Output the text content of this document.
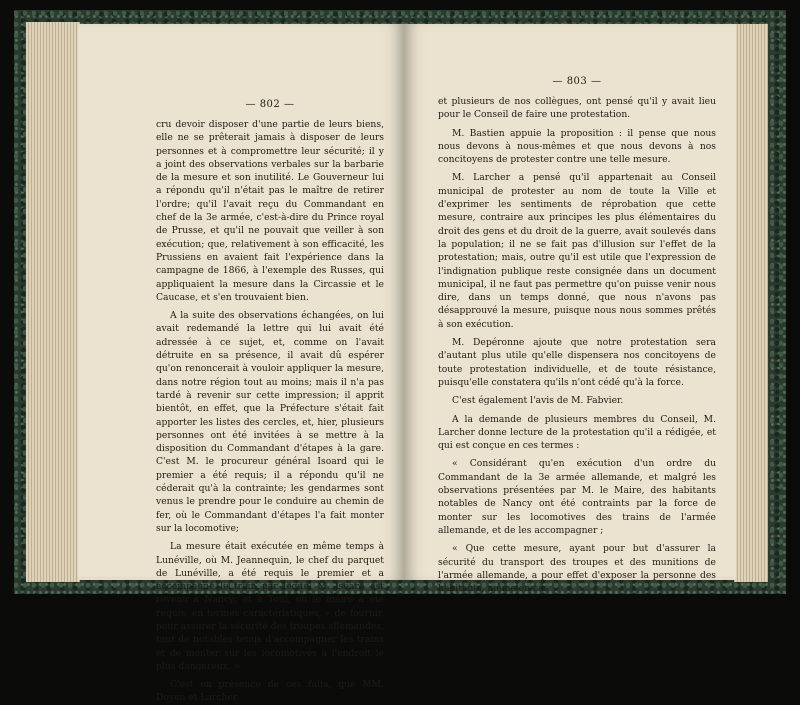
— 802 —

cru devoir disposer d'une partie de leurs biens, elle ne se prêterait jamais à disposer de leurs personnes et à compromettre leur sécurité; il y a joint des observations verbales sur la barbarie de la mesure et son inutilité. Le Gouverneur lui a répondu qu'il n'était pas le maître de retirer l'ordre; qu'il l'avait reçu du Commandant en chef de la 3e armée, c'est-à-dire du Prince royal de Prusse, et qu'il ne pouvait que veiller à son exécution; que, relativement à son efficacité, les Prussiens en avaient fait l'expérience dans la campagne de 1866, à l'exemple des Russes, qui appliquaient la mesure dans la Circassie et le Caucase, et s'en trouvaient bien.

A la suite des observations échangées, on lui avait redemandé la lettre qui lui avait été adressée à ce sujet, et, comme on l'avait détruite en sa présence, il avait dû espérer qu'on renoncerait à vouloir appliquer la mesure, dans notre région tout au moins; mais il n'a pas tardé à revenir sur cette impression; il apprit bientôt, en effet, que la Préfecture s'était fait apporter les listes des cercles, et, hier, plusieurs personnes ont été invitées à se mettre à la disposition du Commandant d'étapes à la gare. C'est M. le procureur général Isoard qui le premier a été requis; il a répondu qu'il ne céderait qu'à la contrainte; les gendarmes sont venus le prendre pour le conduire au chemin de fer, où le Commandant d'étapes l'a fait monter sur la locomotive;

La mesure était exécutée en même temps à Lunéville, où M. Jeannequin, le chef du parquet de Lunéville, a été requis le premier et a accompagné le train par lequel M. Isoard est revenu à Nancy; et à Toul, où le maire a été requis, en termes caractéristiques, « de fournir, pour assurer la sécurité des troupes allemandes, tant de notables tenus d'accompagner les trains et de monter sur les locomotives à l'endroit le plus dangereux. »

C'est en présence de ces faits, que MM. Doyen et Larcher

— 803 —

et plusieurs de nos collègues, ont pensé qu'il y avait lieu pour le Conseil de faire une protestation.

M. Bastien appuie la proposition : il pense que nous nous devons à nous-mêmes et que nous devons à nos concitoyens de protester contre une telle mesure.

M. Larcher a pensé qu'il appartenait au Conseil municipal de protester au nom de toute la Ville et d'exprimer les sentiments de réprobation que cette mesure, contraire aux principes les plus élémentaires du droit des gens et du droit de la guerre, avait soulevés dans la population; il ne se fait pas d'illusion sur l'effet de la protestation; mais, outre qu'il est utile que l'expression de l'indignation publique reste consignée dans un document municipal, il ne faut pas permettre qu'on puisse venir nous dire, dans un temps donné, que nous n'avons pas désapprouvé la mesure, puisque nous nous sommes prêtés à son exécution.

M. Depéronne ajoute que notre protestation sera d'autant plus utile qu'elle dispensera nos concitoyens de toute protestation individuelle, et de toute résistance, puisqu'elle constatera qu'ils n'ont cédé qu'à la force.

C'est également l'avis de M. Fabvier.

A la demande de plusieurs membres du Conseil, M. Larcher donne lecture de la protestation qu'il a rédigée, et qui est conçue en ces termes :

« Considérant qu'en exécution d'un ordre du Commandant de la 3e armée allemande, et malgré les observations présentées par M. le Maire, des habitants notables de Nancy ont été contraints par la force de monter sur les locomotives des trains de l'armée allemande, et de les accompagner ;

« Que cette mesure, ayant pour but d'assurer la sécurité du transport des troupes et des munitions de l'armée allemande, a pour effet d'exposer la personne des habitants, même en cas
